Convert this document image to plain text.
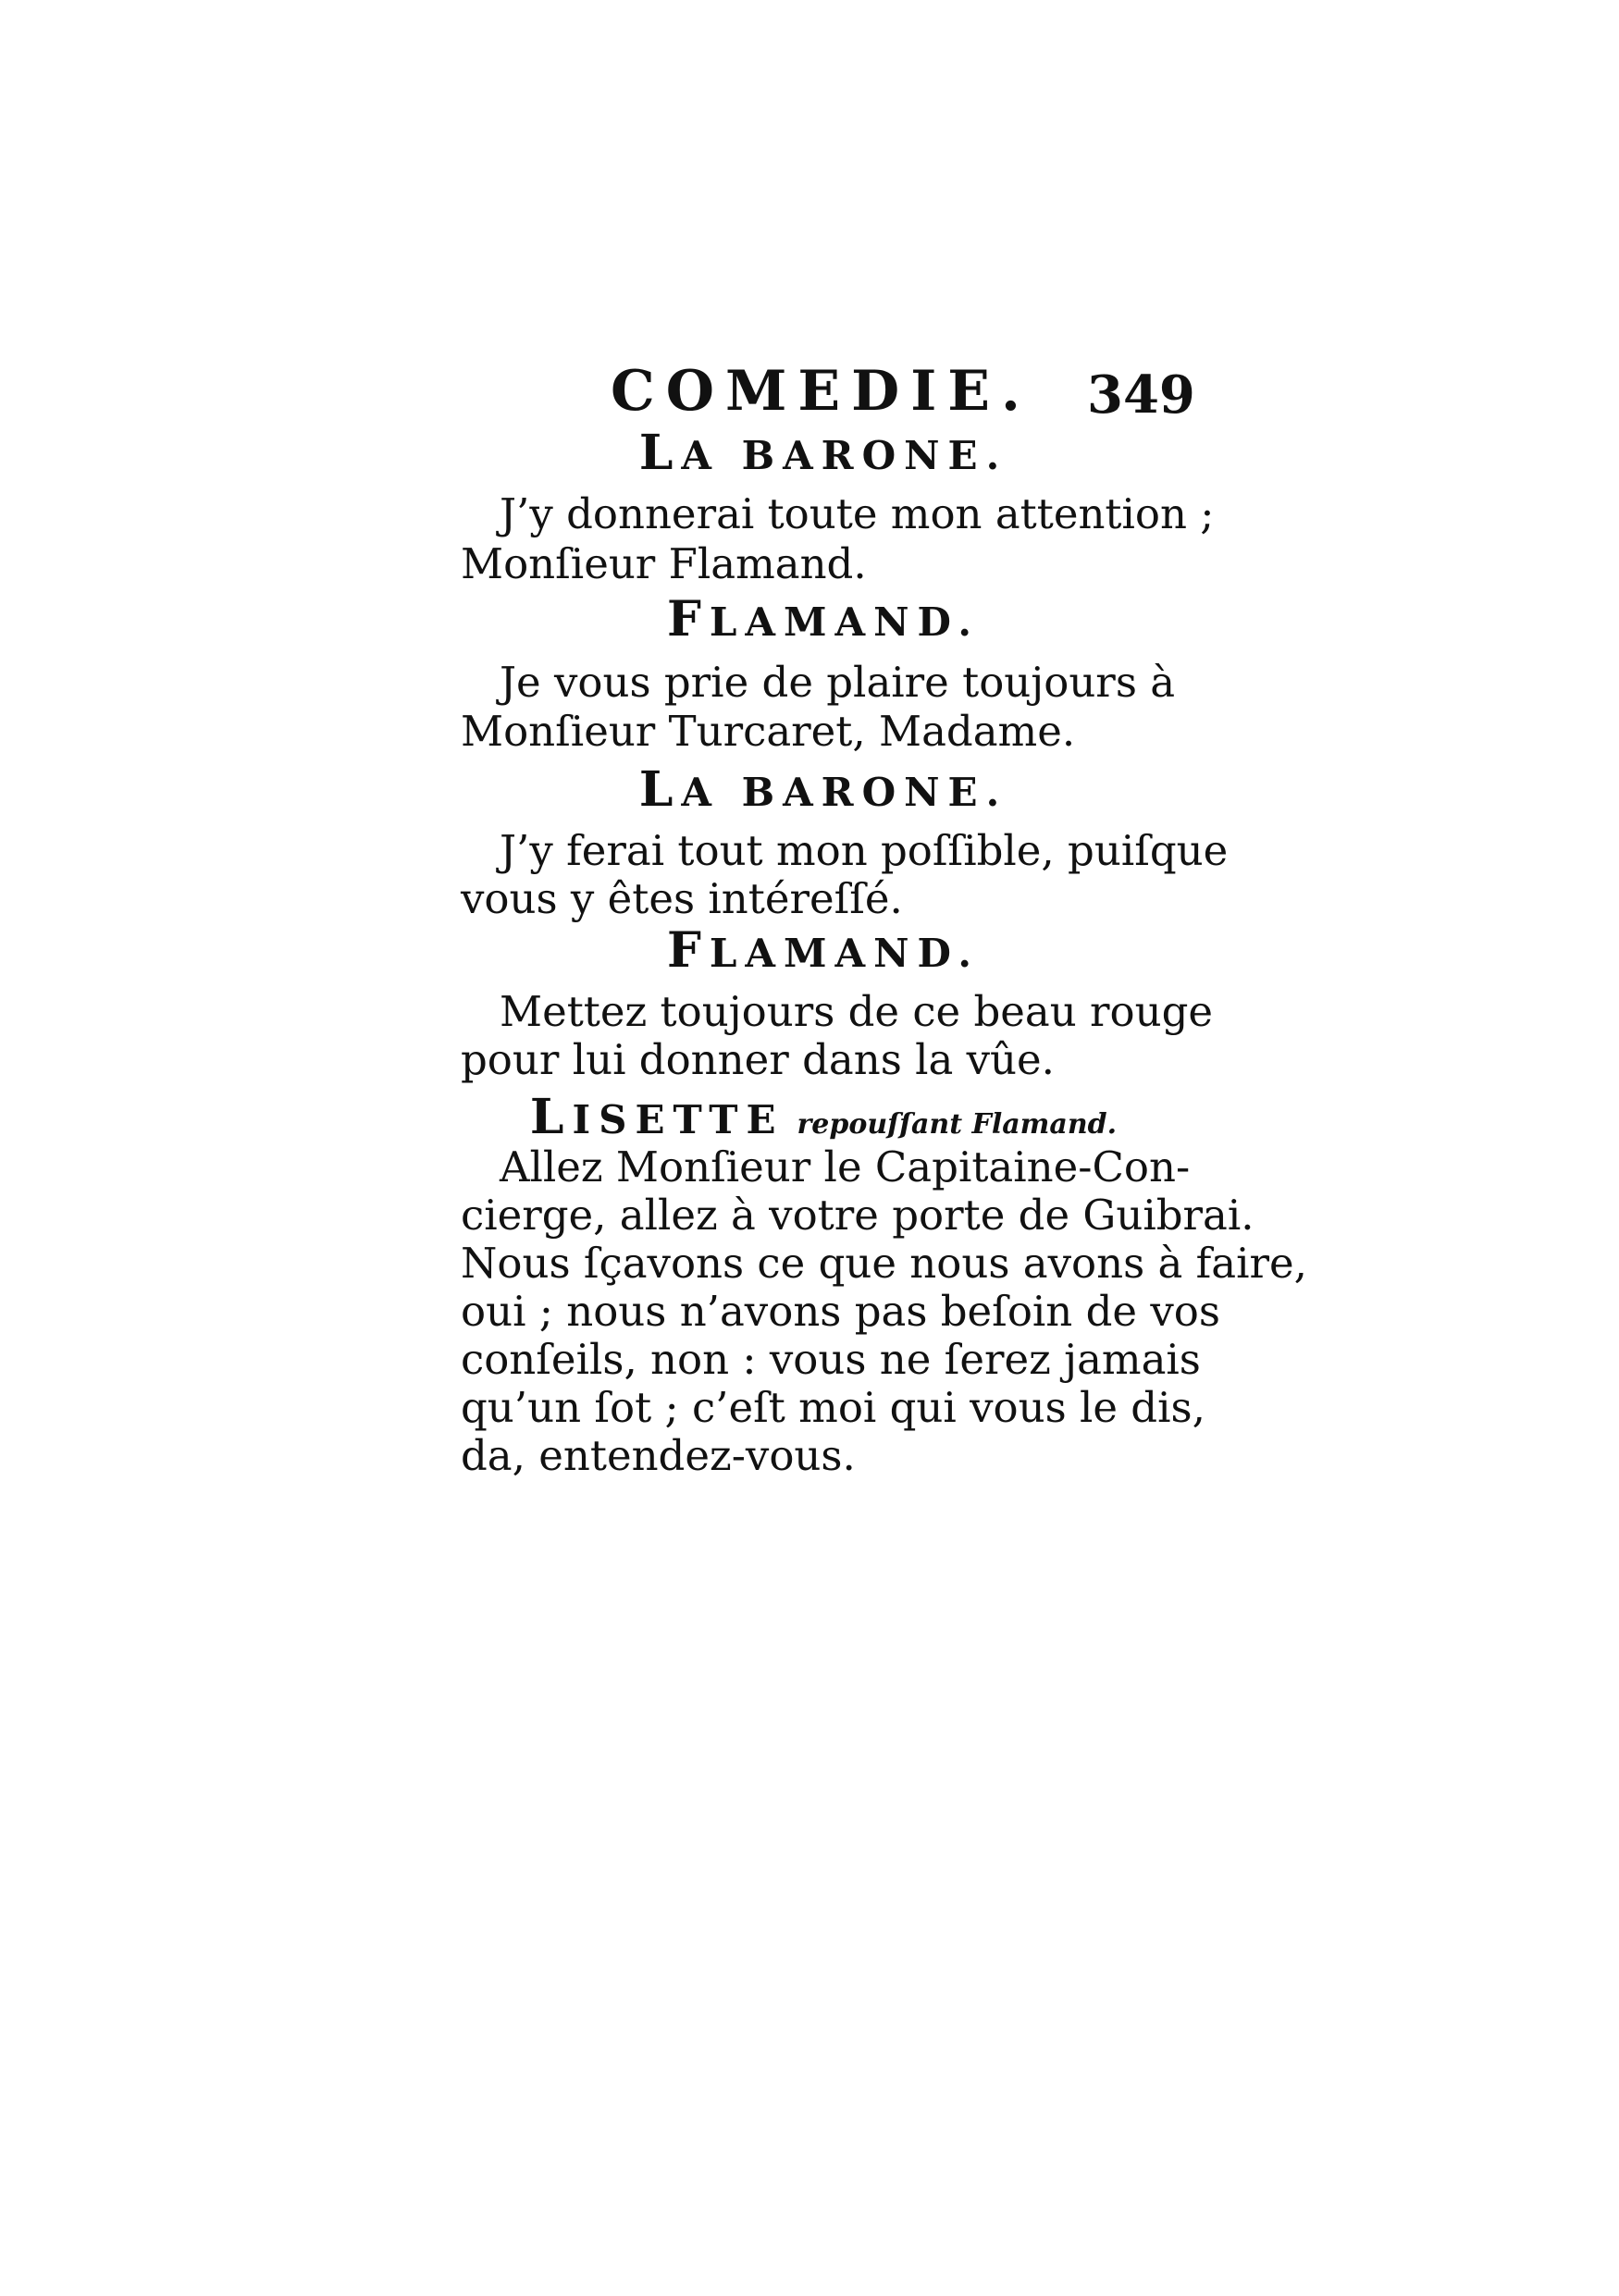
COMEDIE. 349
LA BARONE.
J’y donnerai toute mon attention ;
Monſieur Flamand.
FLAMAND.
Je vous prie de plaire toujours à
Monſieur Turcaret, Madame.
LA BARONE.
J’y ferai tout mon poſſible, puiſque
vous y êtes intéreſſé.
FLAMAND.
Mettez toujours de ce beau rouge
pour lui donner dans la vûe.
LISETTE repouſſant Flamand.
Allez Monſieur le Capitaine-Con-
cierge, allez à votre porte de Guibrai.
Nous ſçavons ce que nous avons à faire,
oui ; nous n’avons pas beſoin de vos
conſeils, non : vous ne ſerez jamais
qu’un ſot ; c’eſt moi qui vous le dis,
da, entendez-vous.
